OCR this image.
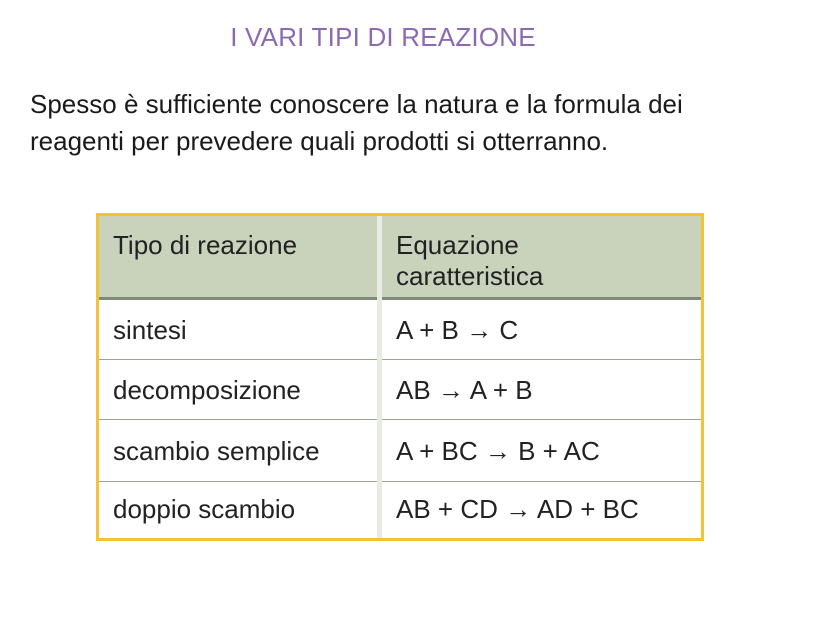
I VARI TIPI DI REAZIONE
Spesso è sufficiente conoscere la natura e la formula dei
reagenti per prevedere quali prodotti si otterranno.
Tipo di reazione	Equazione
caratteristica
sintesi	A + B → C
decomposizione	AB → A + B
scambio semplice	A + BC → B + AC
doppio scambio	AB + CD → AD + BC
